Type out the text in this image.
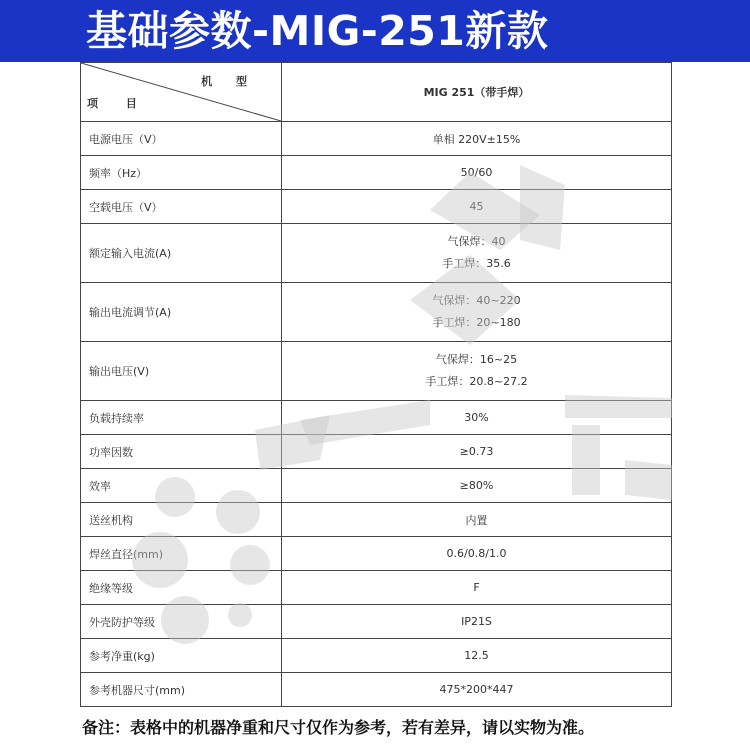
基础参数-MIG-251新款
机 型
项 目	MIG 251（带手焊）
电源电压（V）	单相 220V±15%
频率（Hz）	50/60
空载电压（V）	45
额定输入电流(A)	气保焊：40
手工焊：35.6

输出电流调节(A)	气保焊：40~220
手工焊：20~180

输出电压(V)	气保焊：16~25
手工焊：20.8~27.2

负载持续率	30%
功率因数	≥0.73
效率	≥80%
送丝机构	内置
焊丝直径(mm)	0.6/0.8/1.0
绝缘等级	F
外壳防护等级	IP21S
参考净重(kg)	12.5
参考机器尺寸(mm)	475*200*447
备注：表格中的机器净重和尺寸仅作为参考，若有差异，请以实物为准。
